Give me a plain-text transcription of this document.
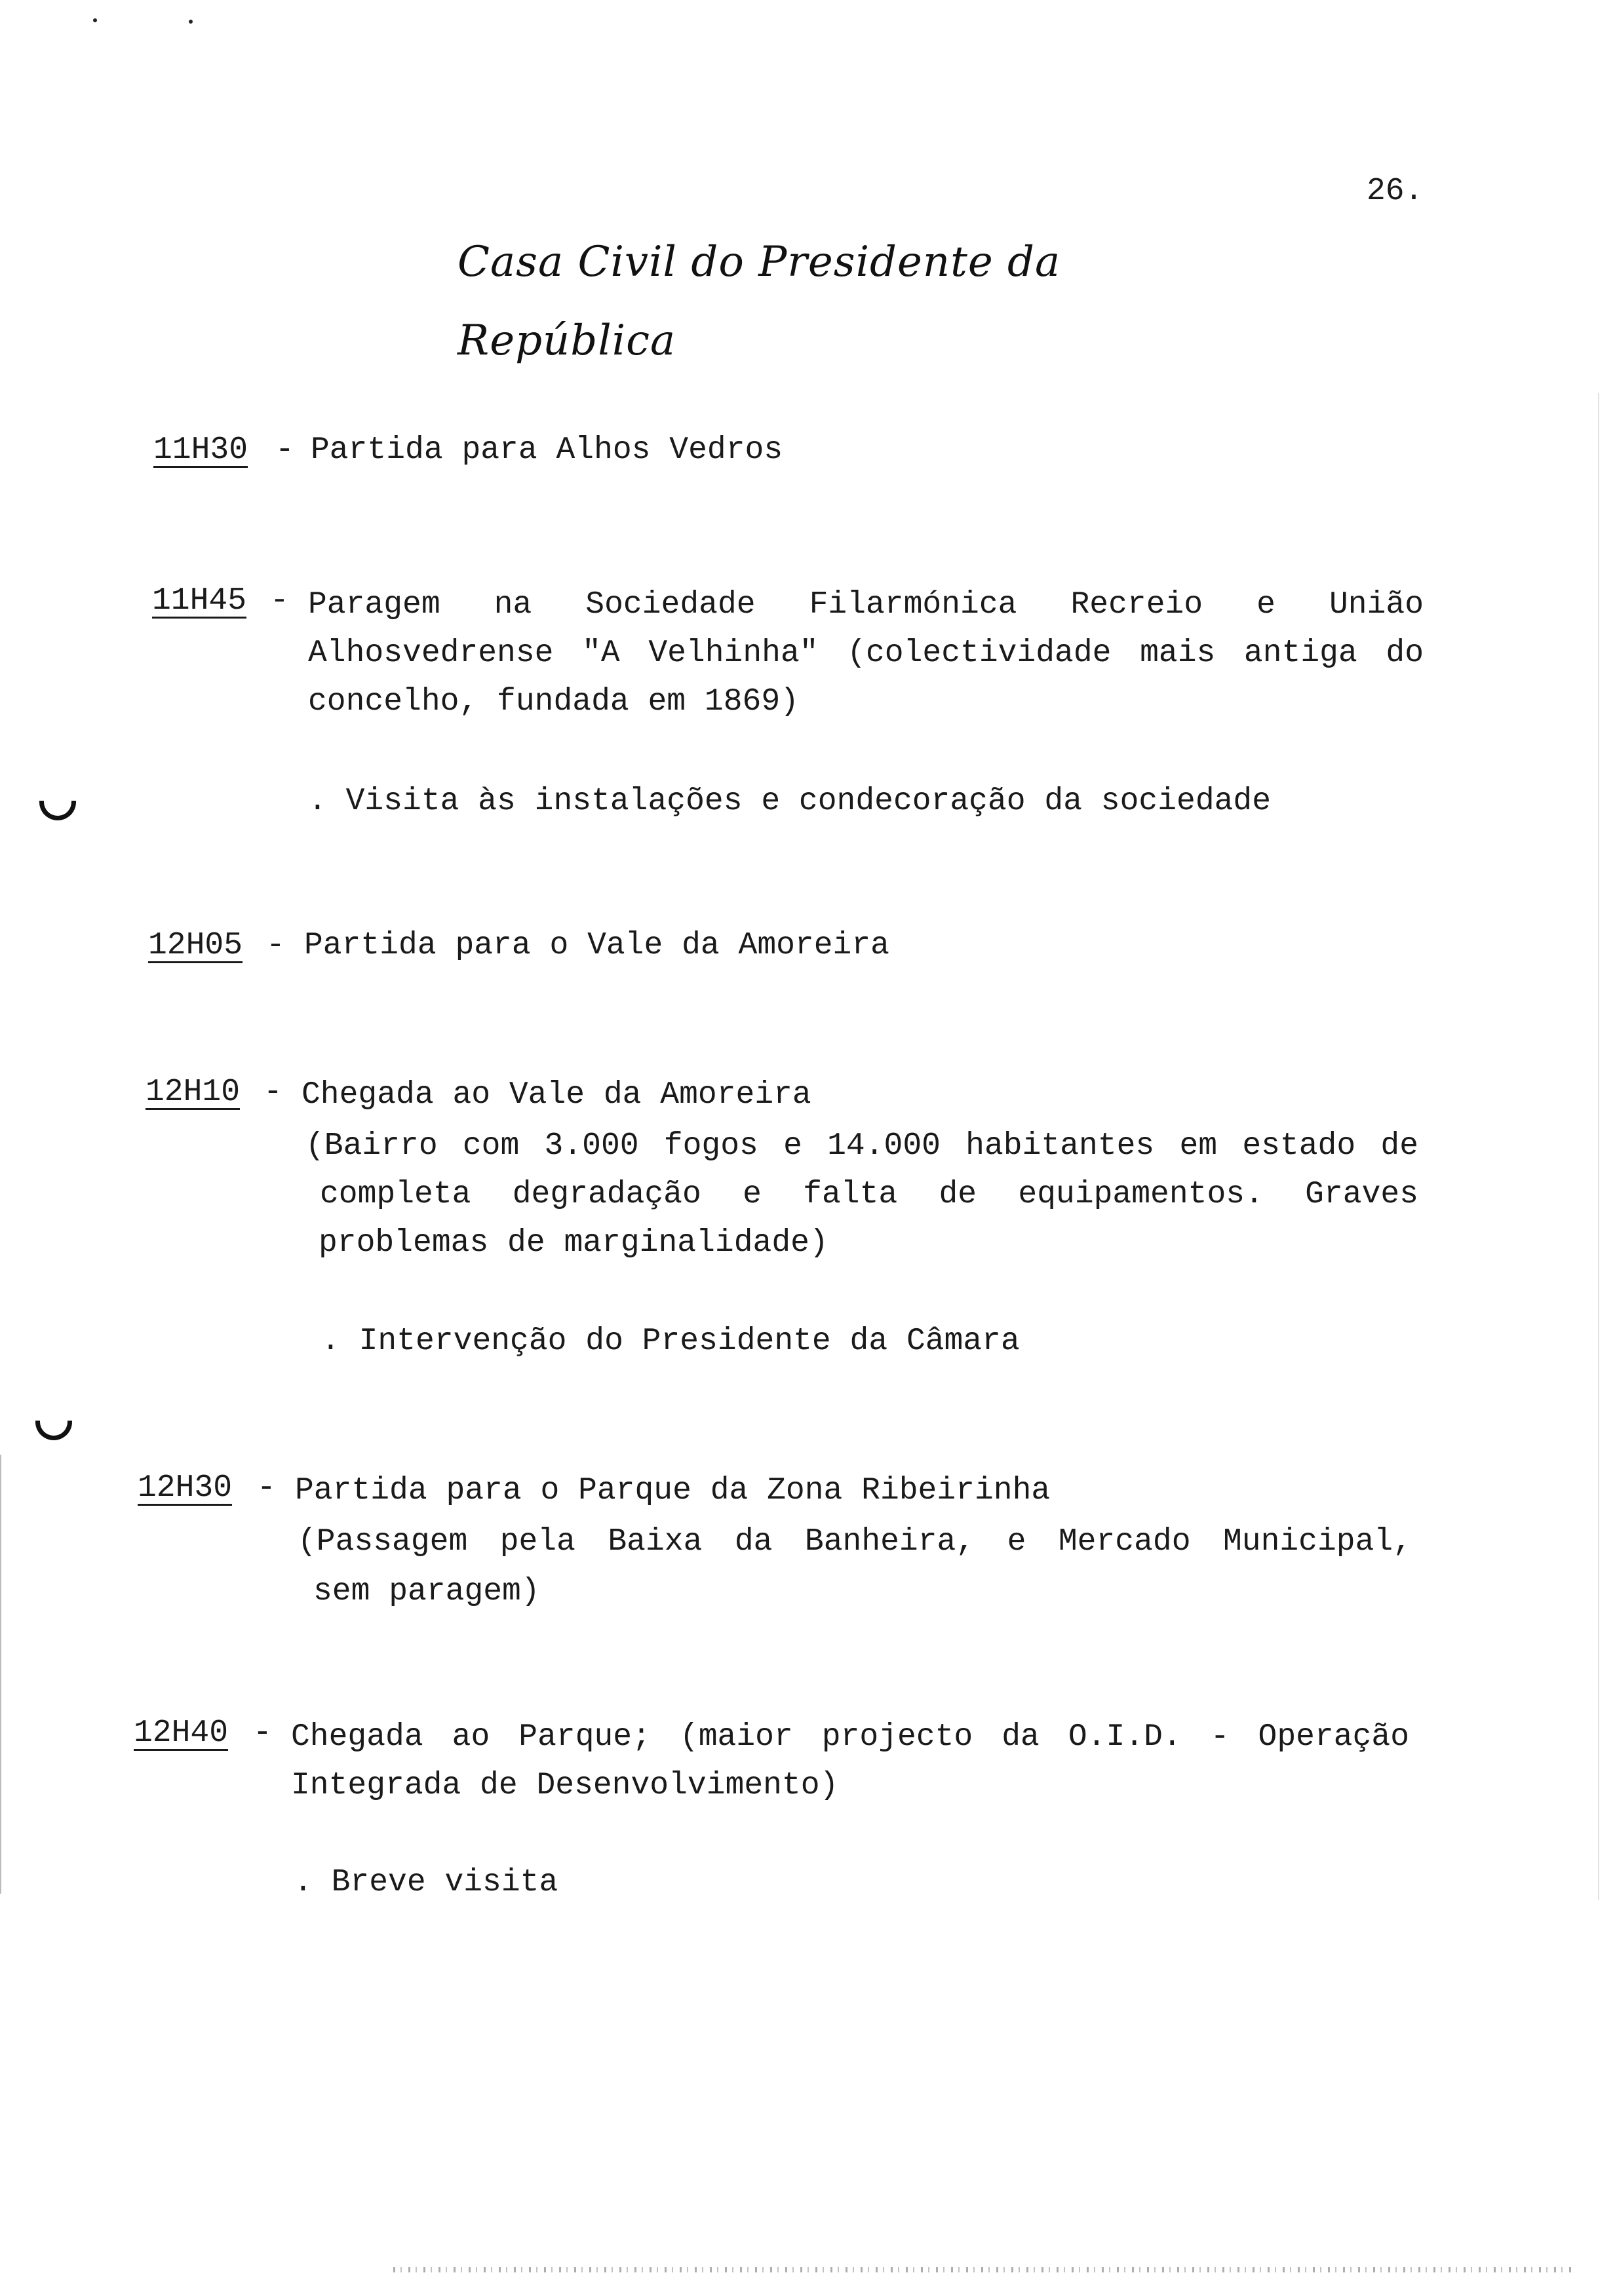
26.
Casa Civil do Presidente da República
11H30 - Partida para Alhos Vedros
11H45 - Paragem na Sociedade Filarmónica Recreio e União
Alhosvedrense "A Velhinha" (colectividade mais antiga do
concelho, fundada em 1869)
. Visita às instalações e condecoração da sociedade
12H05 - Partida para o Vale da Amoreira
12H10 - Chegada ao Vale da Amoreira
(Bairro com 3.000 fogos e 14.000 habitantes em estado de
completa degradação e falta de equipamentos. Graves
problemas de marginalidade)
. Intervenção do Presidente da Câmara
12H30 - Partida para o Parque da Zona Ribeirinha
(Passagem pela Baixa da Banheira, e Mercado Municipal,
sem paragem)
12H40 - Chegada ao Parque; (maior projecto da O.I.D. - Operação
Integrada de Desenvolvimento)
. Breve visita
